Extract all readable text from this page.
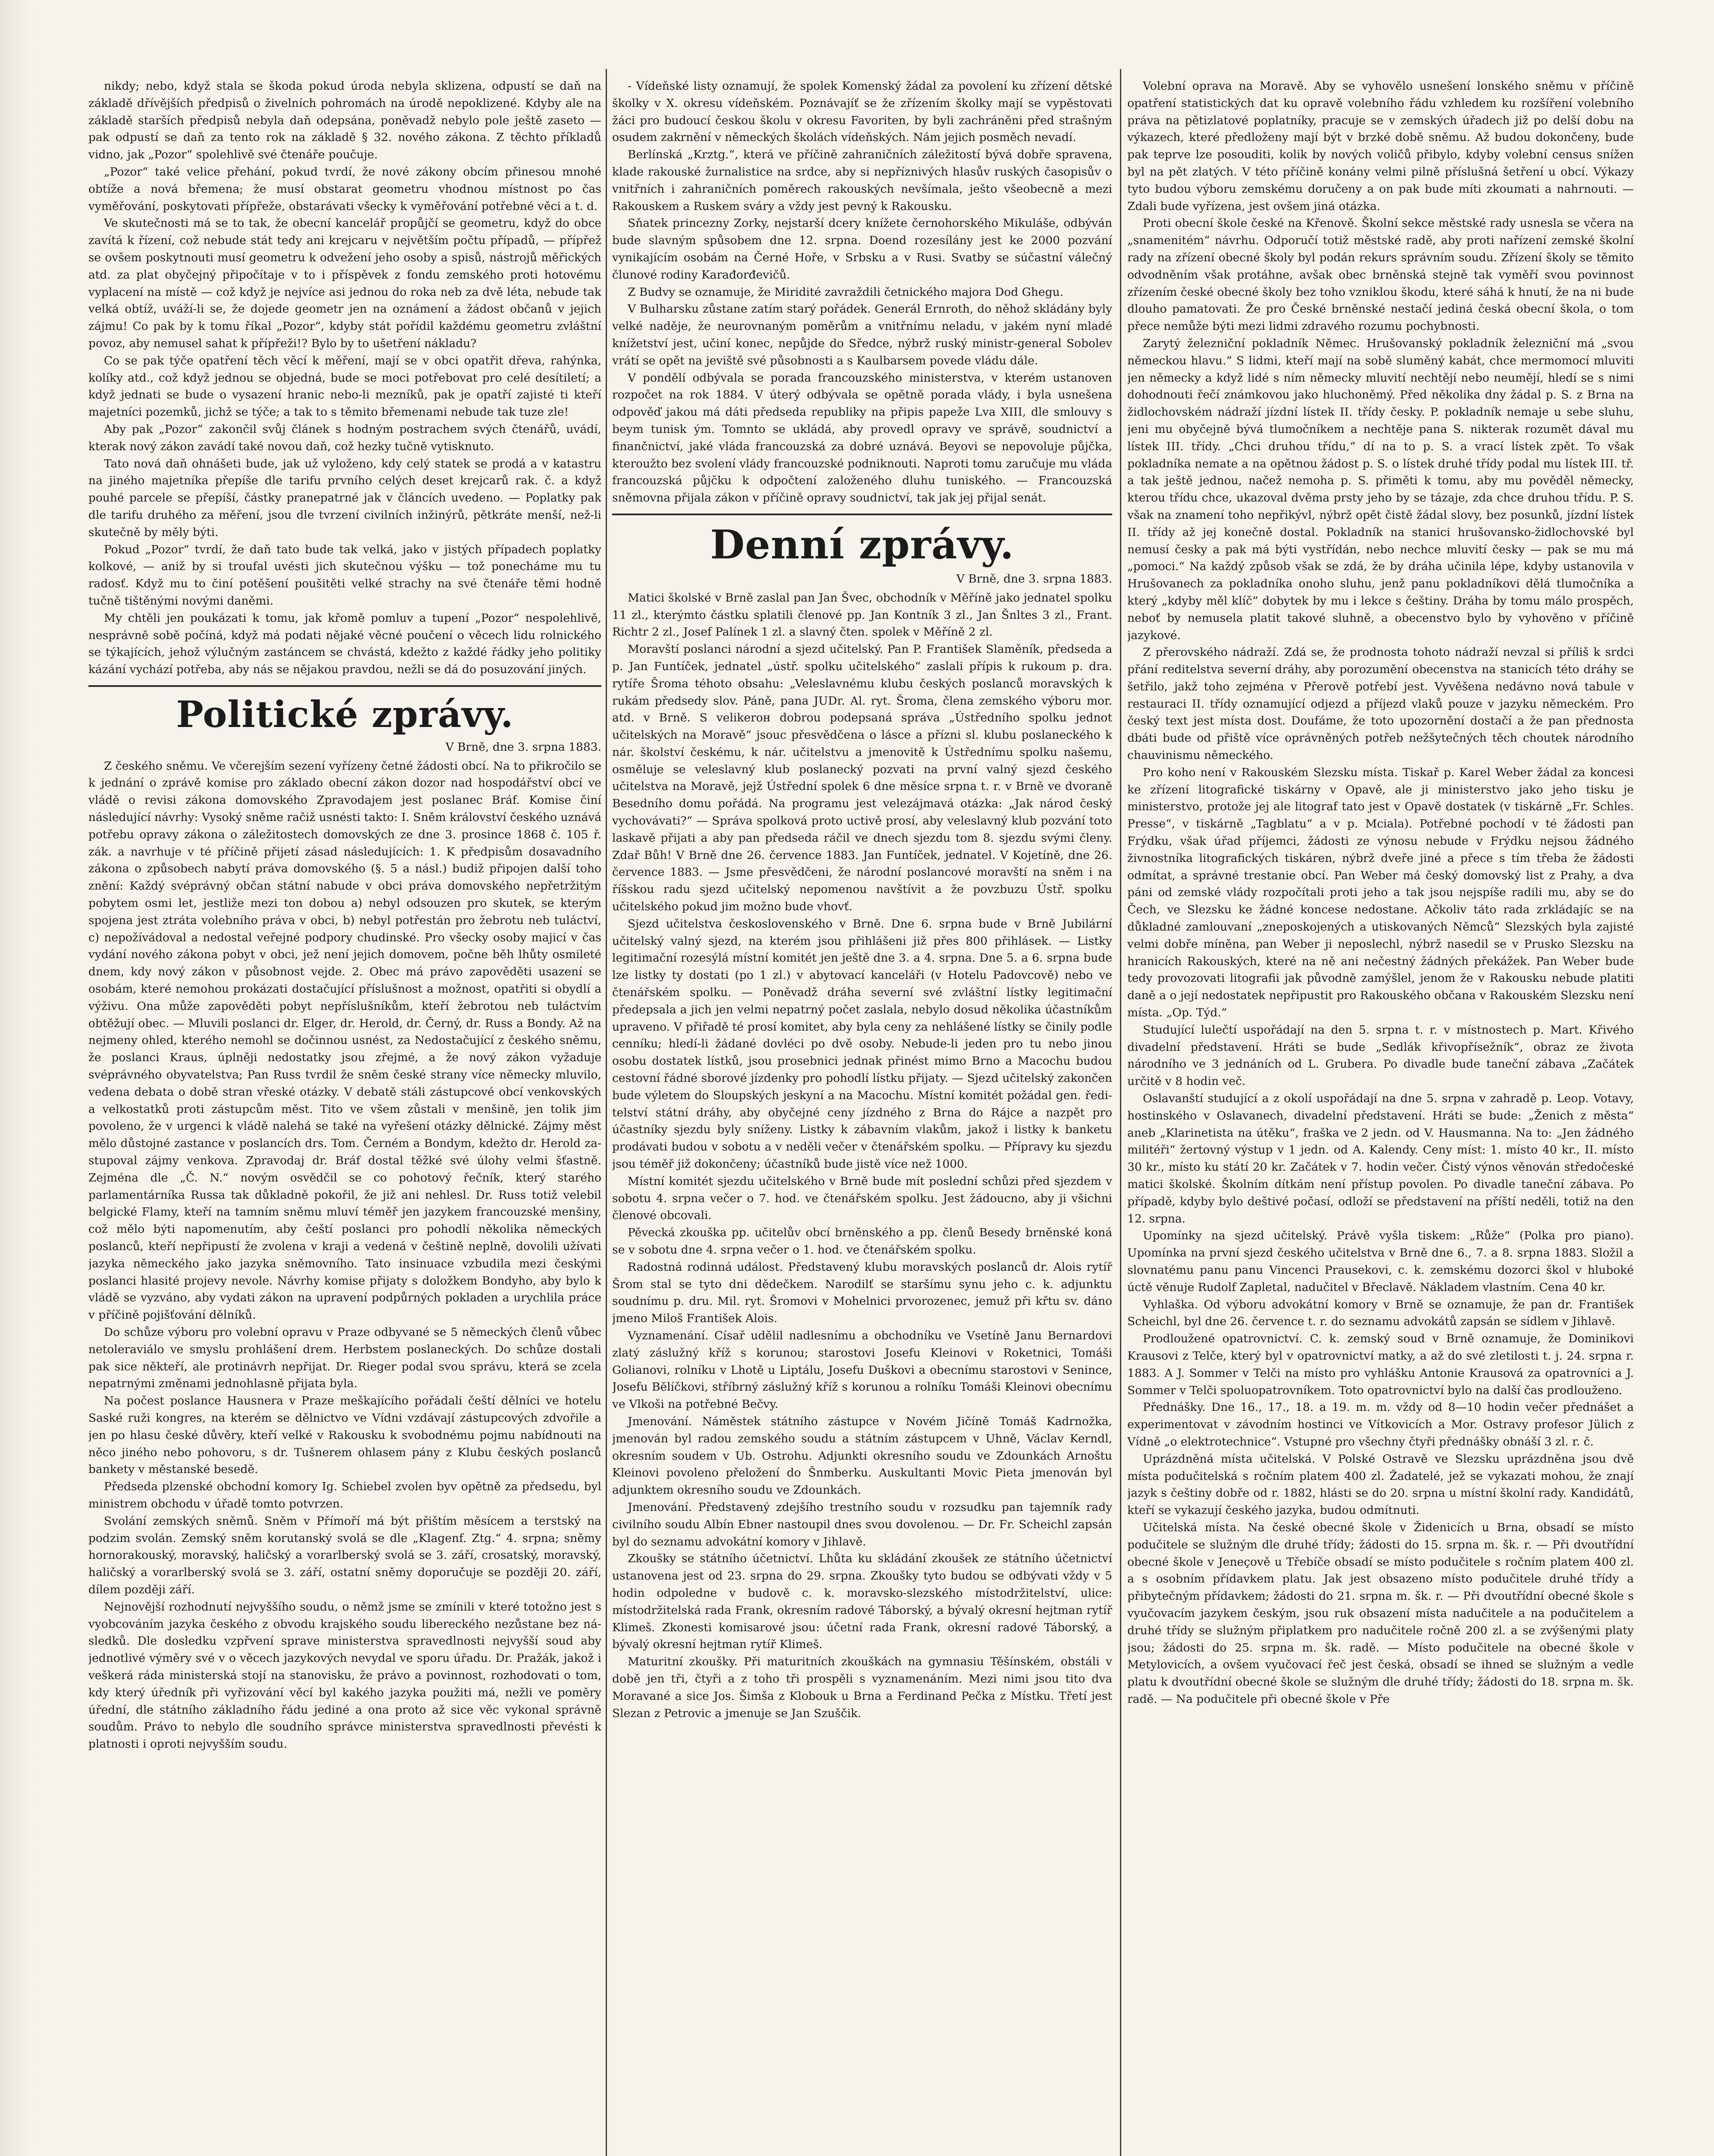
nikdy; nebo, když stala se škoda pokud úroda nebyla sklizena, odpustí se daň na základě dřívějších předpisů o živelních pohromách na úrodě nepoklizené. Kdyby ale na základě starších předpisů nebyla daň odepsána, poněvadž nebylo pole ještě zaseto — pak odpustí se daň za tento rok na základě § 32. nového zákona. Z těchto příkladů vidno, jak „Pozor“ spolehlivě své čtenáře poučuje.

„Pozor“ také velice přehání, pokud tvrdí, že nové zákony obcím přinesou mnohé obtíže a nová břemena; že musí obstarat geometru vhodnou místnost po čas vyměřování, poskytovati přípřeže, obstarávati všecky k vyměřování potřebné věci a t. d.

Ve skutečnosti má se to tak, že obecní kancelář propůjčí se geometru, když do obce zavítá k řízení, což nebude stát tedy ani krejcaru v největším počtu případů, — přípřež se ovšem poskytnouti musí geometru k odvežení jeho osoby a spisů, nástrojů měřických atd. za plat obyčejný připočítaje v to i příspěvek z fondu zemského proti hotovému vyplacení na místě — což když je nejvíce asi jednou do roka neb za dvě léta, nebude tak velká obtíž, uváží-li se, že dojede geometr jen na oznámení a žádost občanů v jejich zájmu! Co pak by k tomu říkal „Pozor“, kdyby stát pořídil každému geometru zvláštní povoz, aby nemusel sahat k přípřeži!? Bylo by to ušetření nákladu?

Co se pak týče opatření těch věcí k měření, mají se v obci opatřit dřeva, rahýnka, kolíky atd., což když jednou se objedná, bude se moci potřebovat pro celé desítiletí; a když jednati se bude o vysazení hranic nebo-li mezníků, pak je opatří zajisté ti kteří majetníci pozemků, jichž se týče; a tak to s těmito břemenami nebude tak tuze zle!

Aby pak „Pozor“ zakončil svůj článek s hodným postrachem svých čtenářů, uvádí, kterak nový zákon zavádí také novou daň, což hezky tučně vytisknuto.

Tato nová daň ohnášeti bude, jak už vyloženo, kdy celý statek se prodá a v katastru na jiného majetníka přepíše dle tarifu prvního celých deset krejcarů rak. č. a když pouhé parcele se přepíší, částky pranepatrné jak v článcích uvedeno. — Poplatky pak dle tarifu druhého za měření, jsou dle tvrzení civilních inžinýrů, pětkráte menší, než-li skutečně by měly býti.

Pokud „Pozor“ tvrdí, že daň tato bude tak velká, jako v jistých případech poplatky kolkové, — aniž by si troufal uvésti jich skutečnou výšku — tož ponecháme mu tu radosť. Když mu to činí potěšení poušitěti velké strachy na své čtenáře těmi hodně tučně tištěnými novými daněmi.

My chtěli jen poukázati k tomu, jak křomě pomluv a tupení „Pozor“ nespolehlivě, nesprávně sobě počíná, když má podati nějaké věcné poučení o věcech lidu rolnického se týkajících, jehož výlučným zastáncem se chvástá, kdežto z každé řádky jeho politiky kázání vychází potřeba, aby nás se nějakou pravdou, nežli se dá do posuzování jiných.

Politické zprávy.

V Brně, dne 3. srpna 1883.

Z českého sněmu. Ve včerejším sezení vyřízeny četné žádosti obcí. Na to přikročilo se k jednání o zprávě komise pro základo obecní zákon dozor nad hospodářství obcí ve vládě o revisi zákona domovského Zpravodajem jest poslanec Bráf. Komise činí následující návrhy: Vysoký sněme račiž usnésti takto: I. Sněm království českého uznává potřebu opravy zákona o záležitostech domovských ze dne 3. prosince 1868 č. 105 ř. zák. a navrhuje v té příčině přijetí zásad následujících: 1. K předpisům dosavadního zákona o způsobech nabytí práva domovského (§. 5 a násl.) budiž připojen další toho znění: Každý svéprávný občan státní nabude v obci práva domovského nepřetržitým pobytem osmi let, jestliže mezi ton dobou a) nebyl odsouzen pro skutek, se kterým spojena jest ztráta volebního práva v obci, b) nebyl potřestán pro žebrotu neb tuláctví, c) nepožívádoval a nedostal veřejné podpory chudinské. Pro všecky osoby majicí v čas vydání nového zákona pobyt v obci, jež není jejich domovem, počne běh lhůty osmileté dnem, kdy nový zákon v působnost vejde. 2. Obec má právo zapověděti usazení se osobám, které nemohou prokázati dostačující příslušnost a možnost, opatřiti si obydlí a výživu. Ona může zapověděti pobyt nepříslušníkům, kteří žebrotou neb tuláctvím obtěžují obec. — Mluvili poslanci dr. Elger, dr. Herold, dr. Černý, dr. Russ a Bondy. Až na nejmeny ohled, kterého nemohl se dočinnou usnést, za Nedostačující z českého sněmu, že poslanci Kraus, úplněji nedostatky jsou zřejmé, a že nový zákon vyžaduje svéprávného obyvatelstva; Pan Russ tvrdil že sněm české strany více německy mluvilo, vedena debata o době stran vřeské otázky. V debatě stáli zástupcové obcí venkovských a velkostatků proti zástupcům měst. Tito ve všem zůstali v menšině, jen tolik jim povoleno, že v urgenci k vládě nalehá se také na vyřešení otázky dělnické. Zájmy měst mělo důstojné zastance v poslancích drs. Tom. Černém a Bondym, kdežto dr. Herold zastupoval zájmy venkova. Zpravodaj dr. Bráf dostal těžké své úlohy velmi šťastně. Zejména dle „Č. N.“ novým osvědčil se co pohotový řečník, který starého parlamentárníka Russa tak důkladně pokořil, že již ani nehlesl. Dr. Russ totiž velebil belgické Flamy, kteří na tamním sněmu mluví téměř jen jazykem francouzské menšiny, což mělo býti napomenutím, aby čeští poslanci pro pohodlí několika německých poslanců, kteří nepřipustí že zvolena v kraji a vedená v češtině neplně, dovolili užívati jazyka německého jako jazyka sněmovního. Tato insinuace vzbudila mezi českými poslanci hlasité projevy nevole. Návrhy komise přijaty s doložkem Bondyho, aby bylo k vládě se vyzváno, aby vydati zákon na upravení podpůrných pokladen a urychlila práce v příčině pojišťování dělníků.

Do schůze výboru pro volební opravu v Praze odbyvané se 5 německých členů vůbec netoleraviálo ve smyslu prohlášení drem. Herbstem poslaneckých. Do schůze dostali pak sice někteří, ale protinávrh nepřijat. Dr. Rieger podal svou správu, která se zcela nepatrnými změnami jednohlasně přijata byla.

Na počest poslance Hausnera v Praze meškajícího pořádali čeští dělníci ve hotelu Saské ruži kongres, na kterém se dělnictvo ve Vídni vzdávají zástupcových zdvořile a jen po hlasu české důvěry, kteří velké v Rakousku k svobodnému pojmu nabídnouti na něco jiného nebo pohovoru, s dr. Tušnerem ohlasem pány z Klubu českých poslanců bankety v městanské besedě.

Předseda plzenské obchodní komory Ig. Schiebel zvolen byv opětně za předsedu, byl ministrem obchodu v úřadě tomto potvrzen.

Svolání zemských sněmů. Sněm v Přímoří má být přištím měsícem a terstský na podzim svolán. Zemský sněm korutanský svolá se dle „Klagenf. Ztg.“ 4. srpna; sněmy hornorakouský, moravský, haličský a vorarlberský svolá se 3. září, crosatský, moravský, haličský a vorarlberský svolá se 3. září, ostatní sněmy doporučuje se později 20. září, dílem později září.

Nejnovější rozhodnutí nejvyššího soudu, o němž jsme se zmínili v které totožno jest s vyobcováním jazyka českého z obvodu krajského soudu libereckého nezůstane bez následků. Dle dosledku vzpřvení sprave ministerstva spravedlnosti nejvyšší soud aby jednotlivé výměry své v o věcech jazykových nevydal ve sporu úřadu. Dr. Pražák, jakož i veškerá ráda ministerská stojí na stanovisku, že právo a povinnost, rozhodovati o tom, kdy který úředník při vyřizování věcí byl kakého jazyka použiti má, nežli ve poměry úřední, dle státního základního řádu jediné a ona proto až sice věc vykonal správně soudům. Právo to nebylo dle soudního správce ministerstva spravedlnosti převésti k platnosti i oproti nejvyšším soudu.

- Vídeňské listy oznamují, že spolek Komenský žádal za povolení ku zřízení dětské školky v X. okresu vídeňském. Poznávajíť se že zřízením školky mají se vypěstovati žáci pro budoucí českou školu v okresu Favoriten, by byli zachráněni před strašným osudem zakrnění v německých školách vídeňských. Nám jejich posměch nevadí.

Berlínská „Krztg.“, která ve příčině zahraničních záležitostí bývá dobře spravena, klade rakouské žurnalistice na srdce, aby si nepříznivých hlasův ruských časopisův o vnitřních i zahraničních poměrech rakouských nevšímala, ješto všeobecně a mezi Rakouskem a Ruskem sváry a vždy jest pevný k Rakousku.

Sňatek princezny Zorky, nejstarší dcery knížete černohorského Mikuláše, odbýván bude slavným spůsobem dne 12. srpna. Doend rozesílány jest ke 2000 pozvání vynikajícím osobám na Černé Hoře, v Srbsku a v Rusi. Svatby se súčastní válečný člunové rodiny Karađorđevičů.

Z Budvy se oznamuje, že Miridité zavraždili četnického majora Dod Ghegu.

V Bulharsku zůstane zatím starý pořádek. Generál Ernroth, do něhož skládány byly velké naděje, že neurovnaným poměrům a vnitřnímu neladu, v jakém nyní mladé knížetství jest, učiní konec, nepůjde do Sředce, nýbrž ruský ministr-general Sobolev vrátí se opět na jeviště své působnosti a s Kaulbarsem povede vládu dále.

V pondělí odbývala se porada francouzského ministerstva, v kterém ustanoven rozpočet na rok 1884. V úterý odbývala se opětně porada vlády, i byla usnešena odpověď jakou má dáti předseda republiky na připis papeže Lva XIII, dle smlouvy s beym tunisk ým. Tomnto se ukládá, aby provedl opravy ve správě, soudnictví a finančnictví, jaké vláda francouzská za dobré uznává. Beyovi se nepovoluje půjčka, kteroužto bez svolení vlády francouzské podniknouti. Naproti tomu zaručuje mu vláda francouzská půjčku k odpočtení založeného dluhu tuniského. — Francouzská sněmovna přijala zákon v příčině opravy soudnictví, tak jak jej přijal senát.

Denní zprávy.

V Brně, dne 3. srpna 1883.

Matici školské v Brně zaslal pan Jan Švec, obchodník v Měříně jako jednatel spolku 11 zl., kterýmto částku splatili členové pp. Jan Kontník 3 zl., Jan Šnltes 3 zl., Frant. Richtr 2 zl., Josef Palínek 1 zl. a slavný čten. spolek v Měříně 2 zl.

Moravští poslanci národní a sjezd učitelský. Pan P. František Slaměník, předseda a p. Jan Funtíček, jednatel „ústř. spolku učitelského“ zaslali přípis k rukoum p. dra. rytíře Šroma téhoto obsahu: „Veleslavnému klubu českých poslanců moravských k rukám předsedy slov. Páně, pana JUDr. Al. ryt. Šroma, člena zemského výboru mor. atd. v Brně. S velikeroн dobrou podepsaná správa „Ústředního spolku jednot učitelských na Moravě“ jsouc přesvědčena o lásce a přízni sl. klubu poslaneckého k nár. školství českému, k nár. učitelstvu a jmenovitě k Ústřednímu spolku našemu, osměluje se veleslavný klub poslanecký pozvati na první valný sjezd českého učitelstva na Moravě, jejž Ústřední spolek 6 dne měsíce srpna t. r. v Brně ve dvoraně Besedního domu pořádá. Na programu jest velezájmavá otázka: „Jak národ český vychovávati?“ — Správa spolková proto uctivě prosí, aby veleslavný klub pozvání toto laskavě přijati a aby pan předseda ráčil ve dnech sjezdu tom 8. sjezdu svými členy. Zdař Bůh! V Brně dne 26. července 1883. Jan Funtíček, jednatel. V Kojetíně, dne 26. července 1883. — Jsme přesvědčeni, že národní poslancové moravští na sněm i na říšskou radu sjezd učitelský nepomenou navštívit a že povzbuzu Ústř. spolku učitelského pokud jim možno bude vhovť.

Sjezd učitelstva československého v Brně. Dne 6. srpna bude v Brně Jubilární učitelský valný sjezd, na kterém jsou přihlášeni již přes 800 přihlásek. — Listky legitimační rozesýlá místní komitét jen ještě dne 3. a 4. srpna. Dne 5. a 6. srpna bude lze listky ty dostati (po 1 zl.) v abytovací kanceláři (v Hotelu Padovcově) nebo ve čtenářském spolku. — Poněvadž dráha severní své zvláštní lístky legitimační předepsala a jich jen velmi nepatrný počet zaslala, nebylo dosud několika účastníkům upraveno. V přiřadě té prosí komitet, aby byla ceny za nehlášené lístky se činily podle cenníku; hledí-li žádané dovléci po dvě osoby. Nebude-li jeden pro tu nebo jinou osobu dostatek lístků, jsou prosebnici jednak přinést mimo Brno a Macochu budou cestovní řádné sborové jízdenky pro pohodlí lístku přijaty. — Sjezd učitelský zakončen bude výletem do Sloupských jeskyní a na Macochu. Místní komitét požádal gen. ředitelství státní dráhy, aby obyčejné ceny jízdného z Brna do Rájce a nazpět pro účastníky sjezdu byly sníženy. Listky k zábavním vlakům, jakož i listky k banketu prodávati budou v sobotu a v neděli večer v čtenářském spolku. — Přípravy ku sjezdu jsou téměř již dokončeny; účastníků bude jistě více než 1000.

Místní komitét sjezdu učitelského v Brně bude mít poslední schůzi před sjezdem v sobotu 4. srpna večer o 7. hod. ve čtenářském spolku. Jest žádoucno, aby ji všichni členové obcovali.

Pěvecká zkouška pp. učitelův obcí brněnského a pp. členů Besedy brněnské koná se v sobotu dne 4. srpna večer o 1. hod. ve čtenářském spolku.

Radostná rodinná událost. Představený klubu moravských poslanců dr. Alois rytíř Šrom stal se tyto dni dědečkem. Narodilť se staršímu synu jeho c. k. adjunktu soudnímu p. dru. Mil. ryt. Šromovi v Mohelnici prvorozenec, jemuž při křtu sv. dáno jmeno Miloš František Alois.

Vyznamenání. Císař udělil nadlesnímu a obchodníku ve Vsetíně Janu Bernardovi zlatý záslužný kříž s korunou; starostovi Josefu Kleinovi v Roketnici, Tomáši Golianovi, rolníku v Lhotě u Liptálu, Josefu Duškovi a obecnímu starostovi v Senince, Josefu Bělíčkovi, stříbrný záslužný kříž s korunou a rolníku Tomáši Kleinovi obecnímu ve Vlkoši na potřebné Bečvy.

Jmenování. Náměstek státního zástupce v Novém Jičíně Tomáš Kadrnožka, jmenován byl radou zemského soudu a státním zástupcem v Uhně, Václav Kerndl, okresním soudem v Ub. Ostrohu. Adjunkti okresního soudu ve Zdounkách Arnoštu Kleinovi povoleno přeložení do Šnmberku. Auskultanti Movic Pieta jmenován byl adjunktem okresního soudu ve Zdounkách.

Jmenování. Představený zdejšího trestního soudu v rozsudku pan tajemník rady civilního soudu Albín Ebner nastoupil dnes svou dovolenou. — Dr. Fr. Scheichl zapsán byl do seznamu advokátní komory v Jihlavě.

Zkoušky se státního účetnictví. Lhůta ku skládání zkoušek ze státního účetnictví ustanovena jest od 23. srpna do 29. srpna. Zkoušky tyto budou se odbývati vždy v 5 hodin odpoledne v budově c. k. moravsko-slezského místodržitelství, ulice: místodržitelská rada Frank, okresním radové Táborský, a bývalý okresní hejtman rytíř Klimeš. Zkonesti komisarové jsou: účetní rada Frank, okresní radové Táborský, a bývalý okresní hejtman rytíř Klimeš.

Maturitní zkoušky. Při maturitních zkouškách na gymnasiu Těšínském, obstáli v době jen tři, čtyři a z toho tři prospěli s vyznamenáním. Mezi nimi jsou tito dva Moravané a sice Jos. Šimša z Klobouk u Brna a Ferdinand Pečka z Místku. Třetí jest Slezan z Petrovic a jmenuje se Jan Szuščik.

Volební oprava na Moravě. Aby se vyhovělo usnešení lonského sněmu v příčině opatření statistických dat ku opravě volebního řádu vzhledem ku rozšíření volebního práva na pětizlatové poplatníky, pracuje se v zemských úřadech již po delší dobu na výkazech, které předloženy mají být v brzké době sněmu. Až budou dokončeny, bude pak teprve lze posouditi, kolik by nových voličů přibylo, kdyby volební census snížen byl na pět zlatých. V této příčině konány velmi pilně příslušná šetření u obcí. Výkazy tyto budou výboru zemskému doručeny a on pak bude míti zkoumati a nahrnouti. — Zdali bude vyřízena, jest ovšem jiná otázka.

Proti obecní škole české na Křenově. Školní sekce městské rady usnesla se včera na „snamenitém“ návrhu. Odporučí totiž městské radě, aby proti nařízení zemské školní rady na zřízení obecné školy byl podán rekurs správním soudu. Zřízení školy se těmito odvodněním však protáhne, avšak obec brněnská stejně tak vyměří svou povinnost zřízením české obecné školy bez toho vzniklou škodu, které sáhá k hnutí, že na ni bude dlouho pamatovati. Že pro České brněnské nestačí jediná česká obecní škola, o tom přece nemůže býti mezi lidmi zdravého rozumu pochybnosti.

Zarytý železniční pokladník Němec. Hrušovanský pokladník železniční má „svou německou hlavu.“ S lidmi, kteří mají na sobě sluměný kabát, chce mermomocí mluviti jen německy a když lidé s ním německy mluvití nechtějí nebo neumějí, hledí se s nimi dohodnouti řečí známkovou jako hluchoněmý. Před několika dny žádal p. S. z Brna na židlochovském nádraží jízdní lístek II. třídy česky. P. pokladník nemaje u sebe sluhu, jeni mu obyčejně bývá tlumočníkem a nechtěje pana S. nikterak rozumět dával mu lístek III. třídy. „Chci druhou třídu,“ dí na to p. S. a vrací lístek zpět. To však pokladníka nemate a na opětnou žádost p. S. o lístek druhé třídy podal mu lístek III. tř. a tak ještě jednou, načež nemoha p. S. přiměti k tomu, aby mu pověděl německy, kterou třídu chce, ukazoval dvěma prsty jeho by se tázaje, zda chce druhou třídu. P. S. však na znamení toho nepřikývl, nýbrž opět čistě žádal slovy, bez posunků, jízdní lístek II. třídy až jej konečně dostal. Pokladník na stanici hrušovansko-židlochovské byl nemusí česky a pak má býti vystřídán, nebo nechce mluvití česky — pak se mu má „pomoci.“ Na každý způsob však se zdá, že by dráha učinila lépe, kdyby ustanovila v Hrušovanech za pokladníka onoho sluhu, jenž panu pokladníkovi dělá tlumočníka a který „kdyby měl klíč“ dobytek by mu i lekce s češtiny. Dráha by tomu málo prospěch, neboť by nemusela platit takové sluhně, a obecenstvo bylo by vyhověno v příčině jazykové.

Z přerovského nádraží. Zdá se, že prodnosta tohoto nádraží nevzal si příliš k srdci přání reditelstva severní dráhy, aby porozumění obecenstva na stanicích této dráhy se šetřilo, jakž toho zejména v Přerově potřebí jest. Vyvěšena nedávno nová tabule v restauraci II. třídy oznamující odjezd a příjezd vlaků pouze v jazyku německém. Pro český text jest místa dost. Doufáme, že toto upozornění dostačí a že pan přednosta dbáti bude od přiště více oprávněných potřeb nežšytečných těch choutek národního chauvinismu německého.

Pro koho není v Rakouském Slezsku místa. Tiskař p. Karel Weber žádal za koncesi ke zřízení litografické tiskárny v Opavě, ale ji ministerstvo jako jeho tisku je ministerstvo, protože jej ale litograf tato jest v Opavě dostatek (v tiskárně „Fr. Schles. Presse“, v tiskárně „Tagblatu“ a v p. Mciala). Potřebné pochodí v té žádosti pan Frýdku, však úřad příjemci, žádosti ze výnosu nebude v Frýdku nejsou žádného živnostníka litografických tiskáren, nýbrž dveře jiné a přece s tím třeba že žádosti odmítat, a správné trestanie obcí. Pan Weber má český domovský list z Prahy, a dva páni od zemské vlády rozpočítali proti jeho a tak jsou nejspíše radili mu, aby se do Čech, ve Slezsku ke žádné koncese nedostane. Ačkoliv táto rada zrkládajíc se na důkladné zamlouvaní „zneposkojených a utiskovaných Němců“ Slezských byla zajisté velmi dobře míněna, pan Weber ji neposlechl, nýbrž nasedil se v Prusko Slezsku na hranicích Rakouských, které na ně ani nečestný žádných překážek. Pan Weber bude tedy provozovati litografii jak původně zamýšlel, jenom že v Rakousku nebude platiti daně a o její nedostatek nepřipustit pro Rakouského občana v Rakouském Slezsku není místa. „Op. Týd.“

Studující lulečtí uspořádají na den 5. srpna t. r. v místnostech p. Mart. Křivého divadelní představení. Hráti se bude „Sedlák křivopřísežník“, obraz ze života národního ve 3 jednáních od L. Grubera. Po divadle bude taneční zábava „Začátek určitě v 8 hodin več.

Oslavanští studující a z okolí uspořádají na dne 5. srpna v zahradě p. Leop. Votavy, hostinského v Oslavanech, divadelní představení. Hráti se bude: „Ženich z města“ aneb „Klarinetista na útěku“, fraška ve 2 jedn. od V. Hausmanna. Na to: „Jen žádného militéři“ žertovný výstup v 1 jedn. od A. Kalendy. Ceny míst: 1. místo 40 kr., II. místo 30 kr., místo ku státí 20 kr. Začátek v 7. hodin večer. Čistý výnos věnován středočeské matici školské. Školním dítkám není přístup povolen. Po divadle taneční zábava. Po případě, kdyby bylo deštivé počasí, odloží se představení na příští neděli, totiž na den 12. srpna.

Upomínky na sjezd učitelský. Právě vyšla tiskem: „Růže“ (Polka pro piano). Upomínka na první sjezd českého učitelstva v Brně dne 6., 7. a 8. srpna 1883. Složil a slovnatému panu panu Vincenci Prausekovi, c. k. zemskému dozorci škol v hluboké úctě věnuje Rudolf Zapletal, nadučitel v Břeclavě. Nákladem vlastním. Cena 40 kr.

Vyhlaška. Od výboru advokátní komory v Brně se oznamuje, že pan dr. František Scheichl, byl dne 26. července t. r. do seznamu advokátů zapsán se sídlem v Jihlavě.

Prodloužené opatrovnictví. C. k. zemský soud v Brně oznamuje, že Dominikovi Krausovi z Telče, který byl v opatrovnictví matky, a až do své zletilosti t. j. 24. srpna r. 1883. A J. Sommer v Telči na místo pro vyhlášku Antonie Krausová za opatrovníci a J. Sommer v Telči spoluopatrovníkem. Toto opatrovnictví bylo na další čas prodlouženo.

Přednášky. Dne 16., 17., 18. a 19. m. m. vždy od 8—10 hodin večer přednášet a experimentovat v závodním hostinci ve Vítkovicích a Mor. Ostravy profesor Jülich z Vídně „o elektrotechnice“. Vstupné pro všechny čtyři přednášky obnáší 3 zl. r. č.

Uprázdněná místa učitelská. V Polské Ostravě ve Slezsku uprázdněna jsou dvě místa podučitelská s ročním platem 400 zl. Žadatelé, jež se vykazati mohou, že znají jazyk s češtiny dobře od r. 1882, hlásti se do 20. srpna u místní školní rady. Kandidátů, kteří se vykazují českého jazyka, budou odmítnuti.

Učitelská místa. Na české obecné škole v Židenicích u Brna, obsadí se místo podučitele se služným dle druhé třídy; žádosti do 15. srpna m. šk. r. — Při dvoutřídní obecné škole v Jeneçově u Třebíče obsadí se místo podučitele s ročním platem 400 zl. a s osobním přídavkem platu. Jak jest obsazeno místo podučitele druhé třídy a přibytečným přídavkem; žádosti do 21. srpna m. šk. r. — Při dvoutřídní obecné škole s vyučovacím jazykem českým, jsou ruk obsazení místa nadučitele a na podučitelem a druhé třídy se služným připlatkem pro nadučitele ročně 200 zl. a se zvýšenými platy jsou; žádosti do 25. srpna m. šk. radě. — Místo podučitele na obecné škole v Metylovicích, a ovšem vyučovací řeč jest česká, obsadí se ihned se služným a vedle platu k dvoutřídní obecné škole se služným dle druhé třídy; žádosti do 18. srpna m. šk. radě. — Na podučitele při obecné škole v Pře
